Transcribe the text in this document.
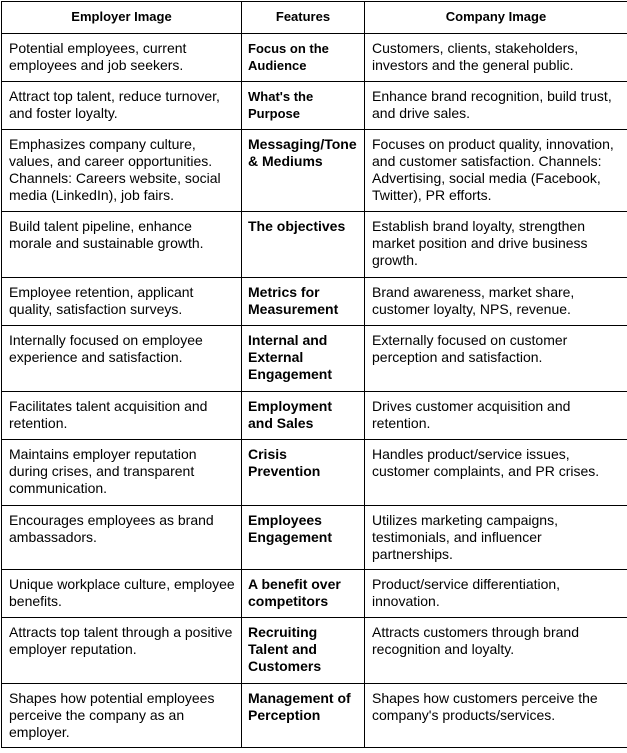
Employer Image	Features	Company Image
Potential employees, current employees and job seekers.	Focus on the Audience	Customers, clients, stakeholders, investors and the general public.
Attract top talent, reduce turnover, and foster loyalty.	What's the Purpose	Enhance brand recognition, build trust, and drive sales.
Emphasizes company culture, values, and career opportunities. Channels: Careers website, social media (LinkedIn), job fairs.	Messaging/Tone & Mediums	Focuses on product quality, innovation, and customer satisfaction. Channels: Advertising, social media (Facebook, Twitter), PR efforts.
Build talent pipeline, enhance morale and sustainable growth.	The objectives	Establish brand loyalty, strengthen market position and drive business growth.
Employee retention, applicant quality, satisfaction surveys.	Metrics for Measurement	Brand awareness, market share, customer loyalty, NPS, revenue.
Internally focused on employee experience and satisfaction.	Internal and External Engagement	Externally focused on customer perception and satisfaction.
Facilitates talent acquisition and retention.	Employment and Sales	Drives customer acquisition and retention.
Maintains employer reputation during crises, and transparent communication.	Crisis Prevention	Handles product/service issues, customer complaints, and PR crises.
Encourages employees as brand ambassadors.	Employees Engagement	Utilizes marketing campaigns, testimonials, and influencer partnerships.
Unique workplace culture, employee benefits.	A benefit over competitors	Product/service differentiation, innovation.
Attracts top talent through a positive employer reputation.	Recruiting Talent and Customers	Attracts customers through brand recognition and loyalty.
Shapes how potential employees perceive the company as an employer.	Management of Perception	Shapes how customers perceive the company's products/services.
